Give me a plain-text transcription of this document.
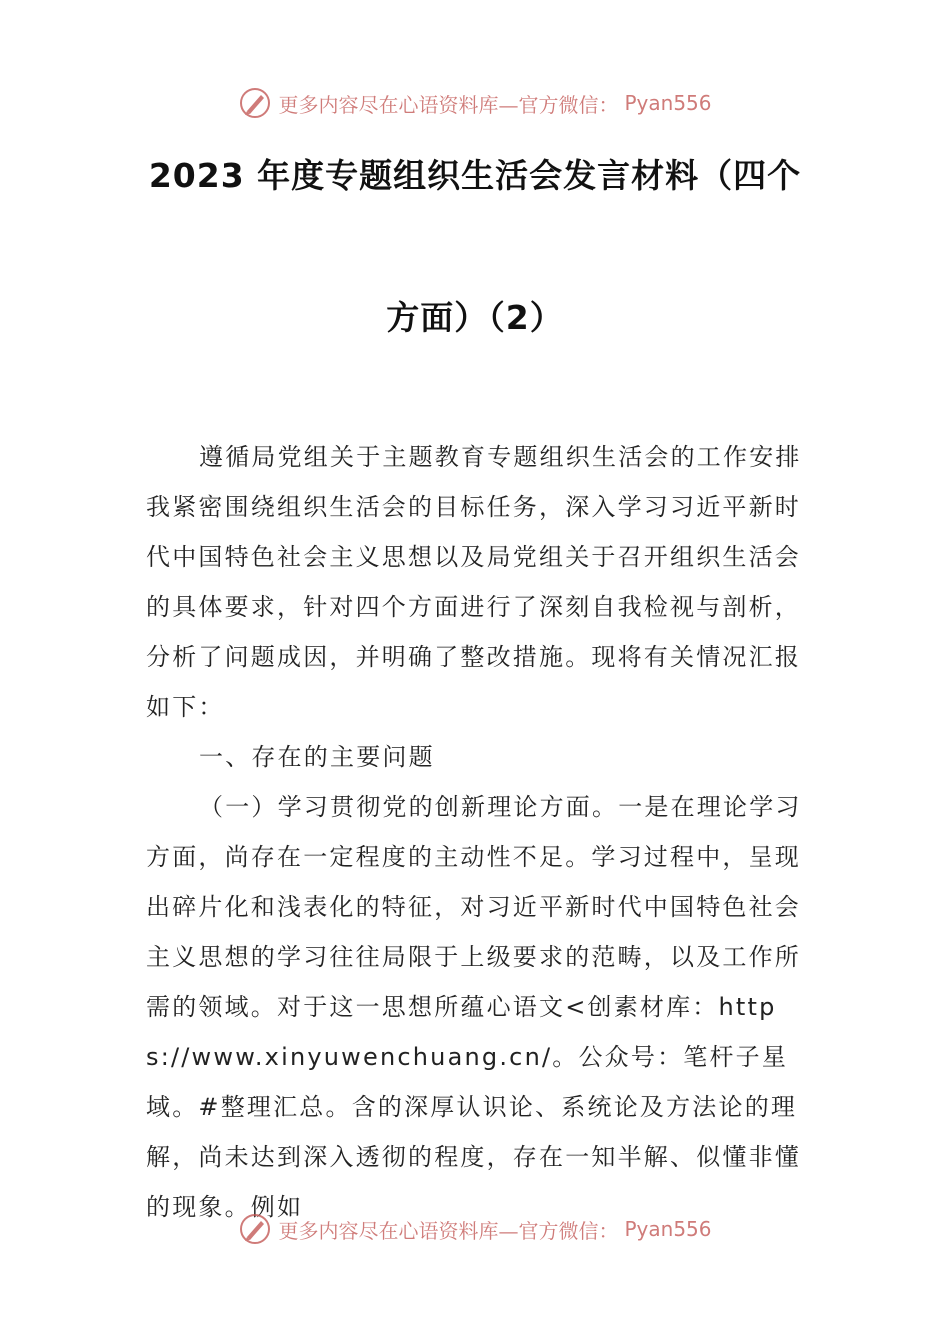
更多内容尽在心语资料库—官方微信： Pyan556
2023 年度专题组织生活会发言材料（四个
方面）（2）

遵循局党组关于主题教育专题组织生活会的工作安排我紧密围绕组织生活会的目标任务，深入学习习近平新时代中国特色社会主义思想以及局党组关于召开组织生活会的具体要求，针对四个方面进行了深刻自我检视与剖析，分析了问题成因，并明确了整改措施。现将有关情况汇报如下：

一、存在的主要问题

（一）学习贯彻党的创新理论方面。一是在理论学习方面，尚存在一定程度的主动性不足。学习过程中，呈现出碎片化和浅表化的特征，对习近平新时代中国特色社会主义思想的学习往往局限于上级要求的范畴，以及工作所需的领域。对于这一思想所蕴心语文<创素材库：https://www.xinyuwenchuang.cn/。公众号：笔杆子星域。#整理汇总。含的深厚认识论、系统论及方法论的理解，尚未达到深入透彻的程度，存在一知半解、似懂非懂的现象。例如

更多内容尽在心语资料库—官方微信： Pyan556
